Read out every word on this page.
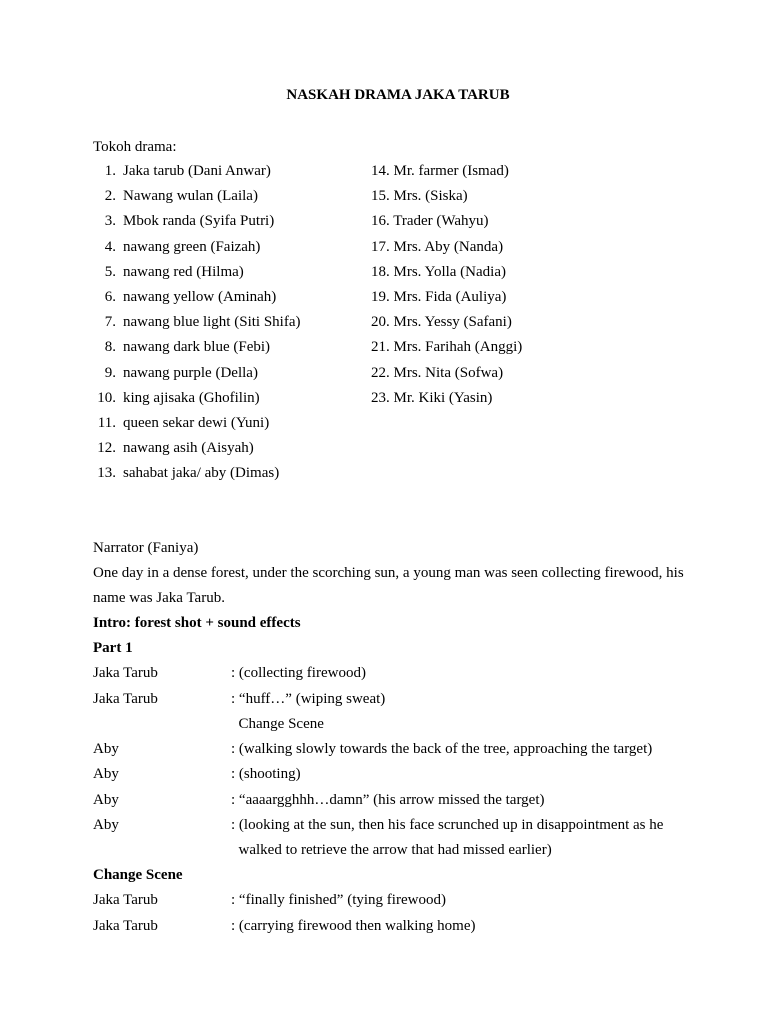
NASKAH DRAMA JAKA TARUB
Tokoh drama:
1. Jaka tarub (Dani Anwar)
2. Nawang wulan (Laila)
3. Mbok randa (Syifa Putri)
4. nawang green (Faizah)
5. nawang red (Hilma)
6. nawang yellow (Aminah)
7. nawang blue light (Siti Shifa)
8. nawang dark blue (Febi)
9. nawang purple (Della)
10. king ajisaka (Ghofilin)
11. queen sekar dewi (Yuni)
12. nawang asih (Aisyah)
13. sahabat jaka/ aby (Dimas)
14. Mr. farmer (Ismad)
15. Mrs. (Siska)
16. Trader (Wahyu)
17. Mrs. Aby (Nanda)
18. Mrs. Yolla (Nadia)
19. Mrs. Fida (Auliya)
20. Mrs. Yessy (Safani)
21. Mrs. Farihah (Anggi)
22. Mrs. Nita (Sofwa)
23. Mr. Kiki (Yasin)
Narrator (Faniya)
One day in a dense forest, under the scorching sun, a young man was seen collecting firewood, his
name was Jaka Tarub.
Intro: forest shot + sound effects
Part 1
Jaka Tarub	: (collecting firewood)
Jaka Tarub	: “huff…” (wiping sweat)
Change Scene
Aby	: (walking slowly towards the back of the tree, approaching the target)
Aby	: (shooting)
Aby	: “aaaargghhh…damn” (his arrow missed the target)
Aby	: (looking at the sun, then his face scrunched up in disappointment as he
walked to retrieve the arrow that had missed earlier)
Change Scene
Jaka Tarub	: “finally finished” (tying firewood)
Jaka Tarub	: (carrying firewood then walking home)
